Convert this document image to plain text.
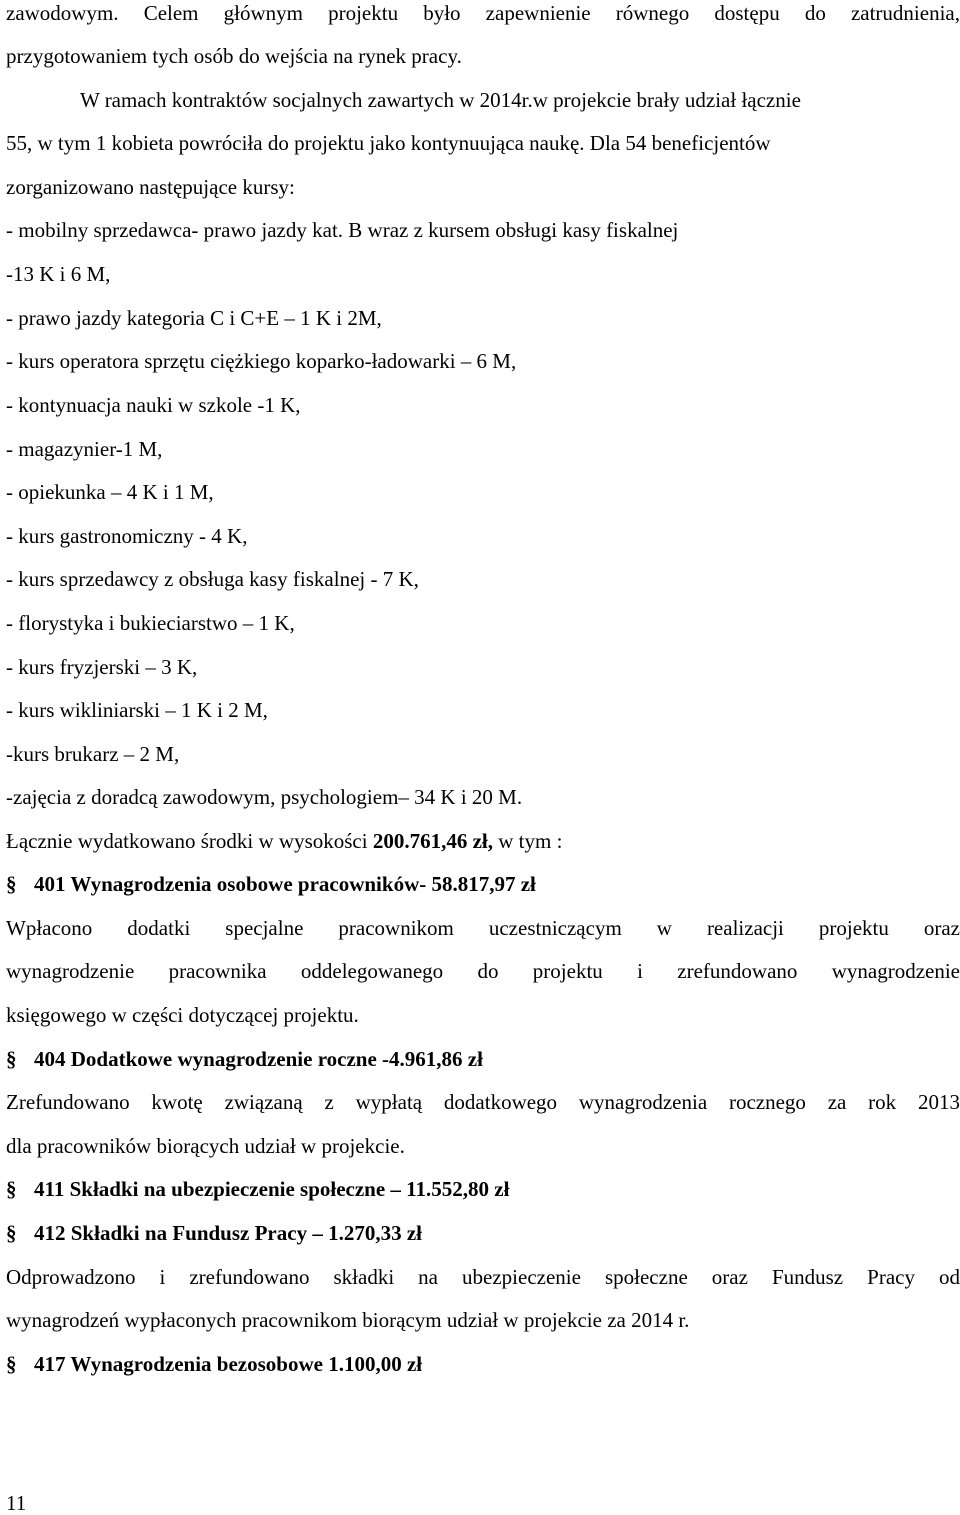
zawodowym. Celem głównym projektu było zapewnienie równego dostępu do zatrudnienia,
przygotowaniem tych osób do wejścia na rynek pracy.
W ramach kontraktów socjalnych zawartych w 2014r.w projekcie brały udział łącznie
55, w tym 1 kobieta powróciła do projektu jako kontynuująca naukę. Dla 54 beneficjentów
zorganizowano następujące kursy:
- mobilny sprzedawca- prawo jazdy kat. B wraz z kursem obsługi kasy fiskalnej
-13 K i 6 M,
- prawo jazdy kategoria C i C+E – 1 K i 2M,
- kurs operatora sprzętu ciężkiego koparko-ładowarki – 6 M,
- kontynuacja nauki w szkole -1 K,
- magazynier-1 M,
- opiekunka – 4 K i 1 M,
- kurs gastronomiczny - 4 K,
- kurs sprzedawcy z obsługa kasy fiskalnej - 7 K,
- florystyka i bukieciarstwo – 1 K,
- kurs fryzjerski – 3 K,
- kurs wikliniarski – 1 K i 2 M,
-kurs brukarz – 2 M,
-zajęcia z doradcą zawodowym, psychologiem– 34 K i 20 M.
Łącznie wydatkowano środki w wysokości 200.761,46 zł, w tym :
§ 401 Wynagrodzenia osobowe pracowników- 58.817,97 zł
Wpłacono dodatki specjalne pracownikom uczestniczącym w realizacji projektu oraz
wynagrodzenie pracownika oddelegowanego do projektu i zrefundowano wynagrodzenie
księgowego w części dotyczącej projektu.
§ 404 Dodatkowe wynagrodzenie roczne -4.961,86 zł
Zrefundowano kwotę związaną z wypłatą dodatkowego wynagrodzenia rocznego za rok 2013
dla pracowników biorących udział w projekcie.
§ 411 Składki na ubezpieczenie społeczne – 11.552,80 zł
§ 412 Składki na Fundusz Pracy – 1.270,33 zł
Odprowadzono i zrefundowano składki na ubezpieczenie społeczne oraz Fundusz Pracy od
wynagrodzeń wypłaconych pracownikom biorącym udział w projekcie za 2014 r.
§ 417 Wynagrodzenia bezosobowe 1.100,00 zł
11
